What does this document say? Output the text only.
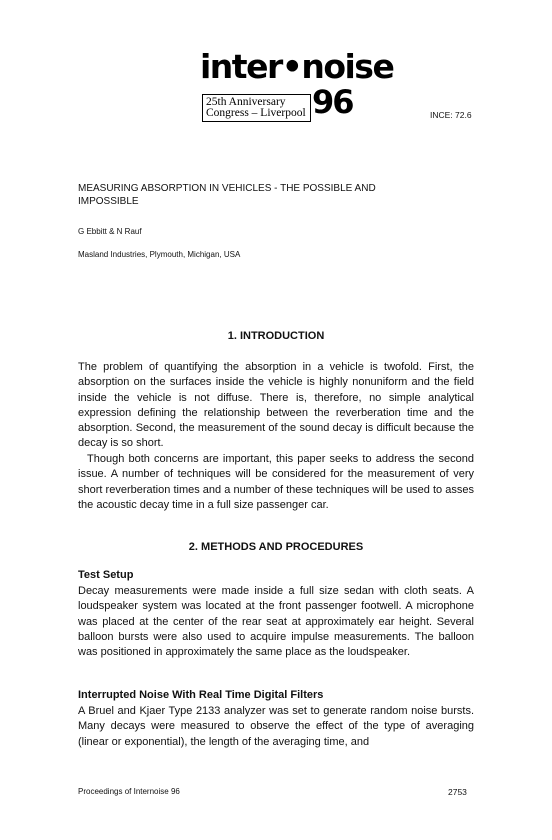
inter•noise
25th Anniversary
Congress – Liverpool 96	INCE: 72.6
MEASURING ABSORPTION IN VEHICLES - THE POSSIBLE AND IMPOSSIBLE
G Ebbitt & N Rauf
Masland Industries, Plymouth, Michigan, USA
1. INTRODUCTION

The problem of quantifying the absorption in a vehicle is twofold. First, the absorption on the surfaces inside the vehicle is highly nonuniform and the field inside the vehicle is not diffuse. There is, therefore, no simple analytical expression defining the relationship between the reverberation time and the absorption. Second, the measurement of the sound decay is difficult because the decay is so short.

Though both concerns are important, this paper seeks to address the second issue. A number of techniques will be considered for the measurement of very short reverberation times and a number of these techniques will be used to asses the acoustic decay time in a full size passenger car.

2. METHODS AND PROCEDURES
Test Setup

Decay measurements were made inside a full size sedan with cloth seats. A loudspeaker system was located at the front passenger footwell. A microphone was placed at the center of the rear seat at approximately ear height. Several balloon bursts were also used to acquire impulse measurements. The balloon was positioned in approximately the same place as the loudspeaker.

Interrupted Noise With Real Time Digital Filters

A Bruel and Kjaer Type 2133 analyzer was set to generate random noise bursts. Many decays were measured to observe the effect of the type of averaging (linear or exponential), the length of the averaging time, and

Proceedings of Internoise 96	2753
